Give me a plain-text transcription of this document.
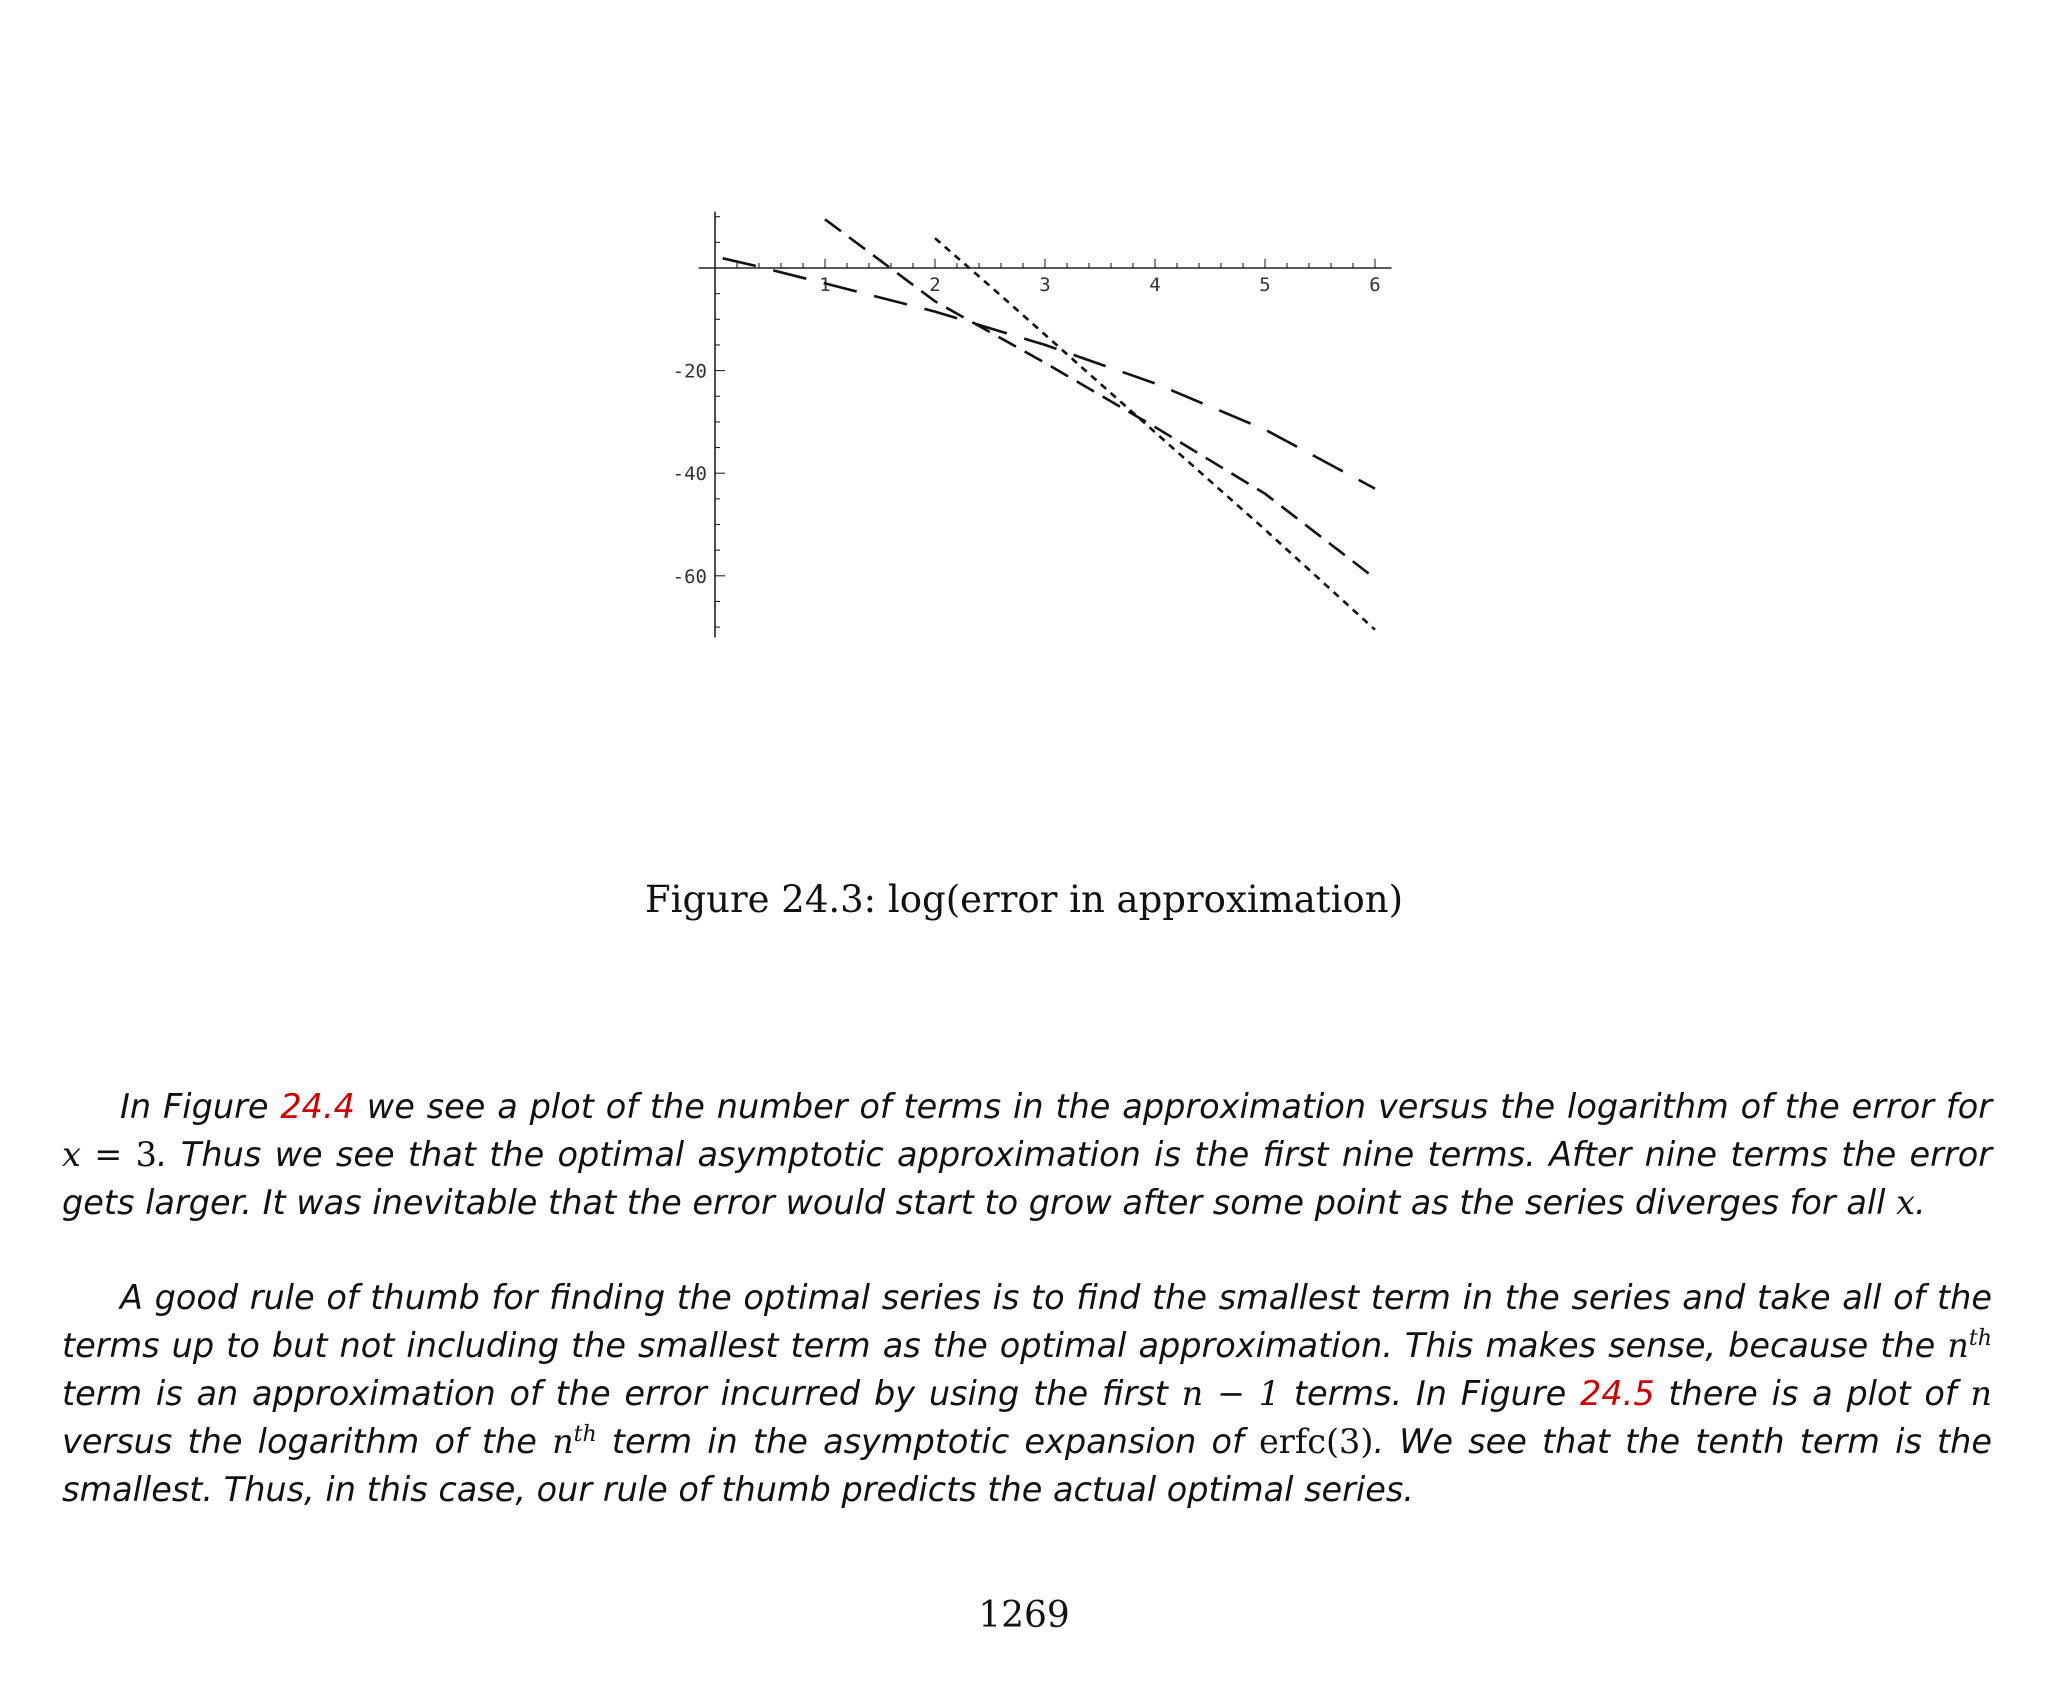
1	2	3	4	5	6
-20
-40
-60
Figure 24.3: log(error in approximation)

In Figure 24.4 we see a plot of the number of terms in the approximation versus the logarithm of the error for x = 3. Thus we see that the optimal asymptotic approximation is the first nine terms. After nine terms the error gets larger. It was inevitable that the error would start to grow after some point as the series diverges for all x.

A good rule of thumb for finding the optimal series is to find the smallest term in the series and take all of the terms up to but not including the smallest term as the optimal approximation. This makes sense, because the $n^{th}$ term is an approximation of the error incurred by using the first n − 1 terms. In Figure 24.5 there is a plot of n versus the logarithm of the $n^{th}$ term in the asymptotic expansion of erfc(3). We see that the tenth term is the smallest. Thus, in this case, our rule of thumb predicts the actual optimal series.

1269
